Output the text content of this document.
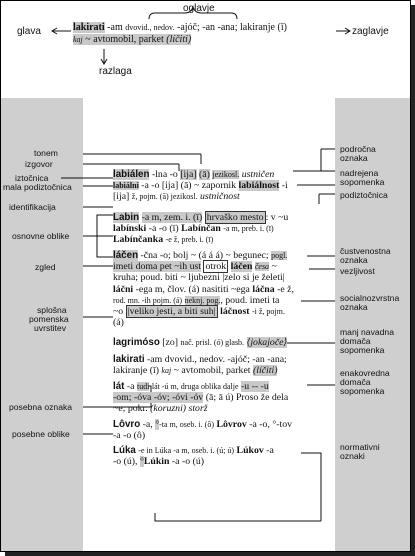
oglavje
glava	zaglavje
razlaga
lakirati -am dvovid., nedov. -ajóč; -an -ana; lakiranje (ī)
kaj ~ avtomobil, parket (líčiti)
tonem
izgovor
iztočnica
mala podiztočnica
identifikacija
osnovne oblike
zgled
splošna
pomenska
uvrstitev
posebna oznaka
posebne oblike
področna
oznaka
nadrejena
sopomenka
podiztočnica
čustvenostna
oznaka
vezljivost
socialnozvrstna
oznaka
manj navadna
domača
sopomenka
enakovredna
domača
sopomenka
normativni
oznaki
labiálen -lna -o [ija] (ā) jezikosl. ustničen
labiálni -a -o [ija] (ā) ~ zapornik labiálnost -i
[ija] ž, pojm. (ā) jezikosl. ustničnost
Labin -a m, zem. i. (ī) hrvaško mesto : v ~u
labínski -a -o (ī) Labínčan -a m, preb. i. (ī)
Labínčanka -e ž, preb. i. (ī)
láčen -čna -o; bolj ~ (á á á) ~ begunec; pogl.
imeti doma pet ~ih ust otrok láčen česa ~
kruha; poud. biti ~ ljubezni |zelo si je želeti|
láčni -ega m, člov. (á) nasititi ~ega láčna -e ž,
rod. mn. -ih pojm. (á) neknj. pog., poud. imeti ta
~o |veliko jesti, a biti suh| láčnost -i ž, pojm.
(á)
lagrimóso [zo] nač. prisl. (ó) glasb. ⟨jokajoče⟩
lakirati -am dvovid., nedov. -ajóč; -an -ana;
lakiranje (ī) kaj ~ avtomobil, parket (líčiti)
lát -a tudi lát -ú m, druga oblika dalje -u -- -u
-om; -óva -óv; -óvi -óv (ā; ā ú) Proso že dela
~e; pokr. (koruzni) storž
Lôvro -a, °-ta m, oseb. i. (ô) Lôvrov -a -o, °-tov
-a -o (ô)
Lúka -e in Lúka -a m, oseb. i. (ú; ú) Lúkov -a
-o (ú), °Lúkin -a -o (ú)
